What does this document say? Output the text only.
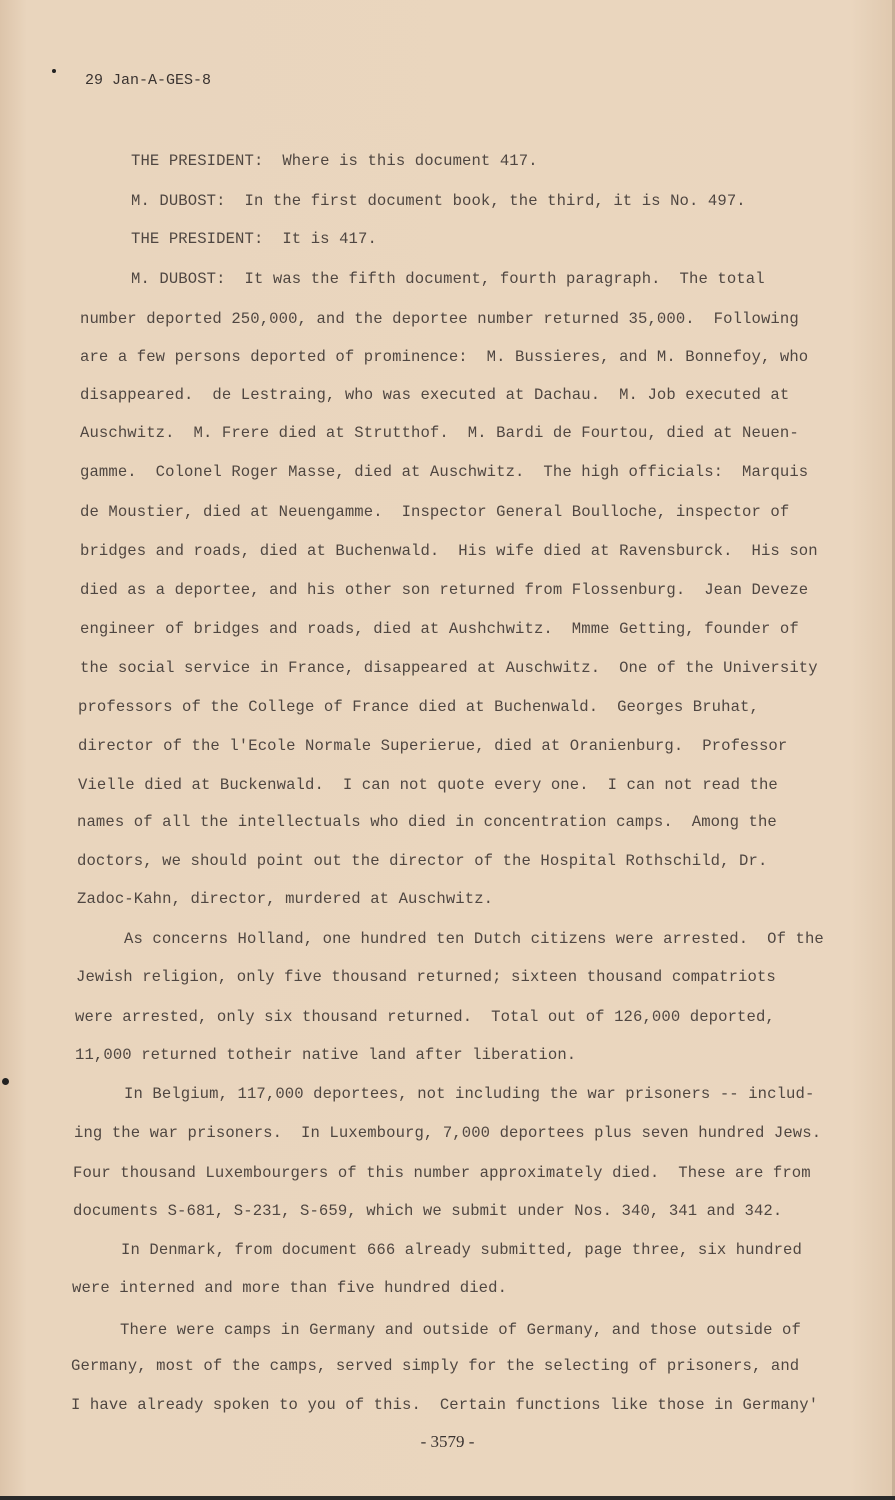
29 Jan-A-GES-8
THE PRESIDENT:  Where is this document 417.
M. DUBOST:  In the first document book, the third, it is No. 497.
THE PRESIDENT:  It is 417.
M. DUBOST:  It was the fifth document, fourth paragraph.  The total
number deported 250,000, and the deportee number returned 35,000.  Following
are a few persons deported of prominence:  M. Bussieres, and M. Bonnefoy, who
disappeared.  de Lestraing, who was executed at Dachau.  M. Job executed at
Auschwitz.  M. Frere died at Strutthof.  M. Bardi de Fourtou, died at Neuen-
gamme.  Colonel Roger Masse, died at Auschwitz.  The high officials:  Marquis
de Moustier, died at Neuengamme.  Inspector General Boulloche, inspector of
bridges and roads, died at Buchenwald.  His wife died at Ravensburck.  His son
died as a deportee, and his other son returned from Flossenburg.  Jean Deveze
engineer of bridges and roads, died at Aushchwitz.  Mmme Getting, founder of
the social service in France, disappeared at Auschwitz.  One of the University
professors of the College of France died at Buchenwald.  Georges Bruhat,
director of the l'Ecole Normale Superierue, died at Oranienburg.  Professor
Vielle died at Buckenwald.  I can not quote every one.  I can not read the
names of all the intellectuals who died in concentration camps.  Among the
doctors, we should point out the director of the Hospital Rothschild, Dr.
Zadoc-Kahn, director, murdered at Auschwitz.
As concerns Holland, one hundred ten Dutch citizens were arrested.  Of the
Jewish religion, only five thousand returned; sixteen thousand compatriots
were arrested, only six thousand returned.  Total out of 126,000 deported,
11,000 returned totheir native land after liberation.
In Belgium, 117,000 deportees, not including the war prisoners -- includ-
ing the war prisoners.  In Luxembourg, 7,000 deportees plus seven hundred Jews.
Four thousand Luxembourgers of this number approximately died.  These are from
documents S-681, S-231, S-659, which we submit under Nos. 340, 341 and 342.
In Denmark, from document 666 already submitted, page three, six hundred
were interned and more than five hundred died.
There were camps in Germany and outside of Germany, and those outside of
Germany, most of the camps, served simply for the selecting of prisoners, and
I have already spoken to you of this.  Certain functions like those in Germany'
- 3579 -
